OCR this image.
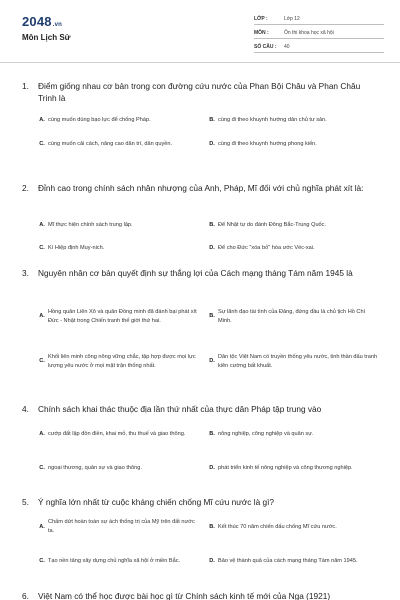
2048.vn
Môn Lịch Sử
LỚP :	Lớp 12
MÔN :	Ôn thi khoa học xã hội
SỐ CÂU :	40
1.	Điểm giống nhau cơ bản trong con đường cứu nước của Phan Bội Châu và Phan Châu Trinh là
A. cùng muốn dùng bạo lực để chống Pháp.	B. cùng đi theo khuynh hướng dân chủ tư sản.
C. cùng muốn cải cách, nâng cao dân trí, dân quyền.	D. cùng đi theo khuynh hướng phong kiến.
2.	Đỉnh cao trong chính sách nhân nhượng của Anh, Pháp, Mĩ đối với chủ nghĩa phát xít là:
A. Mĩ thực hiện chính sách trung lập.	B. Để Nhật tự do đánh Đông Bắc-Trung Quốc.
C. Kí Hiệp định Muy-nich.	D. Để cho Đức "xóa bỏ" hòa ước Véc-xai.
3.	Nguyên nhân cơ bản quyết định sự thắng lợi của Cách mạng tháng Tám năm 1945 là
A.
Hồng quân Liên Xô và quân Đồng minh đã đánh bại phát xít Đức - Nhật trong Chiến tranh thế giới thứ hai.
B.
Sự lãnh đạo tài tình của Đảng, đứng đầu là chủ tịch Hồ Chí Minh.
C.
Khối liên minh công nông vững chắc, tập hợp được mọi lực lượng yêu nước ở mọi mặt trận thống nhất.
D.
Dân tộc Việt Nam có truyền thống yêu nước, tinh thần đấu tranh kiên cường bất khuất.
4.	Chính sách khai thác thuộc địa lần thứ nhất của thực dân Pháp tập trung vào
A. cướp đất lập đồn điền, khai mỏ, thu thuế và giao thông.	B. nông nghiệp, công nghiệp và quân sự.
C. ngoại thương, quân sự và giao thông.	D. phát triển kinh tế nông nghiệp và công thương nghiệp.
5.	Ý nghĩa lớn nhất từ cuộc kháng chiến chống Mĩ cứu nước là gì?
A.
Chấm dứt hoàn toàn sự ách thống trị của Mỹ trên đất nước ta.
B. Kết thúc 70 năm chiến đấu chống Mĩ cứu nước.
C. Tạo nền tảng xây dựng chủ nghĩa xã hội ở miền Bắc.	D. Bảo vệ thành quả của cách mạng tháng Tám năm 1945.
6.	Việt Nam có thể học được bài học gì từ Chính sách kinh tế mới của Nga (1921)
